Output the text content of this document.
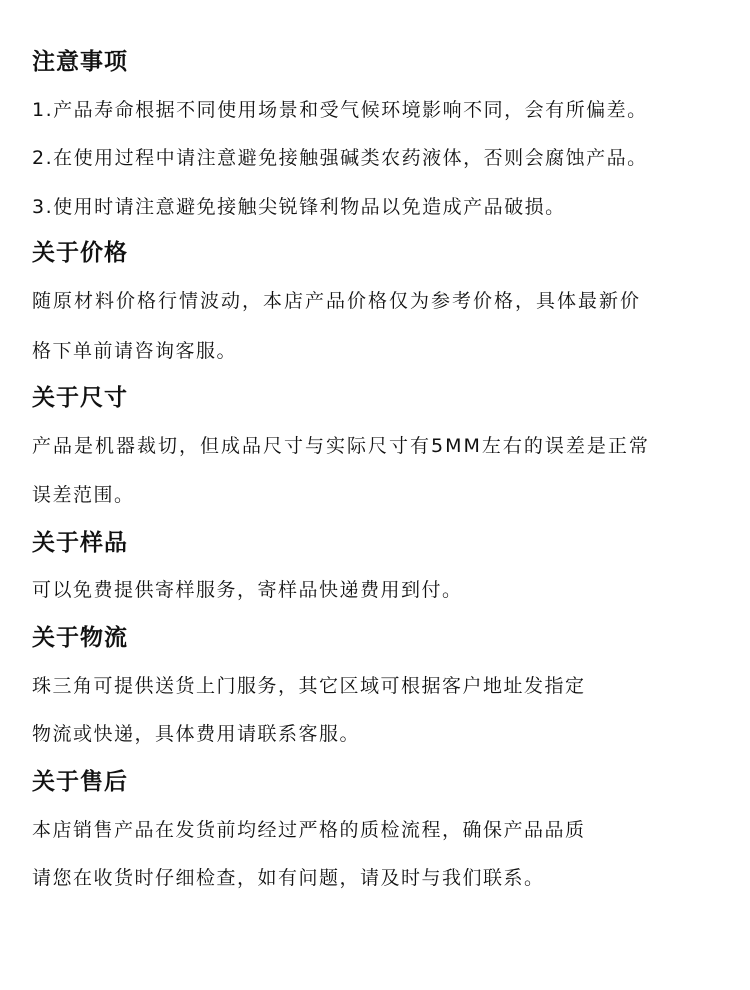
注意事项
1.产品寿命根据不同使用场景和受气候环境影响不同，会有所偏差。
2.在使用过程中请注意避免接触强碱类农药液体，否则会腐蚀产品。
3.使用时请注意避免接触尖锐锋利物品以免造成产品破损。
关于价格
随原材料价格行情波动，本店产品价格仅为参考价格，具体最新价
格下单前请咨询客服。
关于尺寸
产品是机器裁切，但成品尺寸与实际尺寸有5MM左右的误差是正常
误差范围。
关于样品
可以免费提供寄样服务，寄样品快递费用到付。
关于物流
珠三角可提供送货上门服务，其它区域可根据客户地址发指定
物流或快递，具体费用请联系客服。
关于售后
本店销售产品在发货前均经过严格的质检流程，确保产品品质
请您在收货时仔细检查，如有问题，请及时与我们联系。
